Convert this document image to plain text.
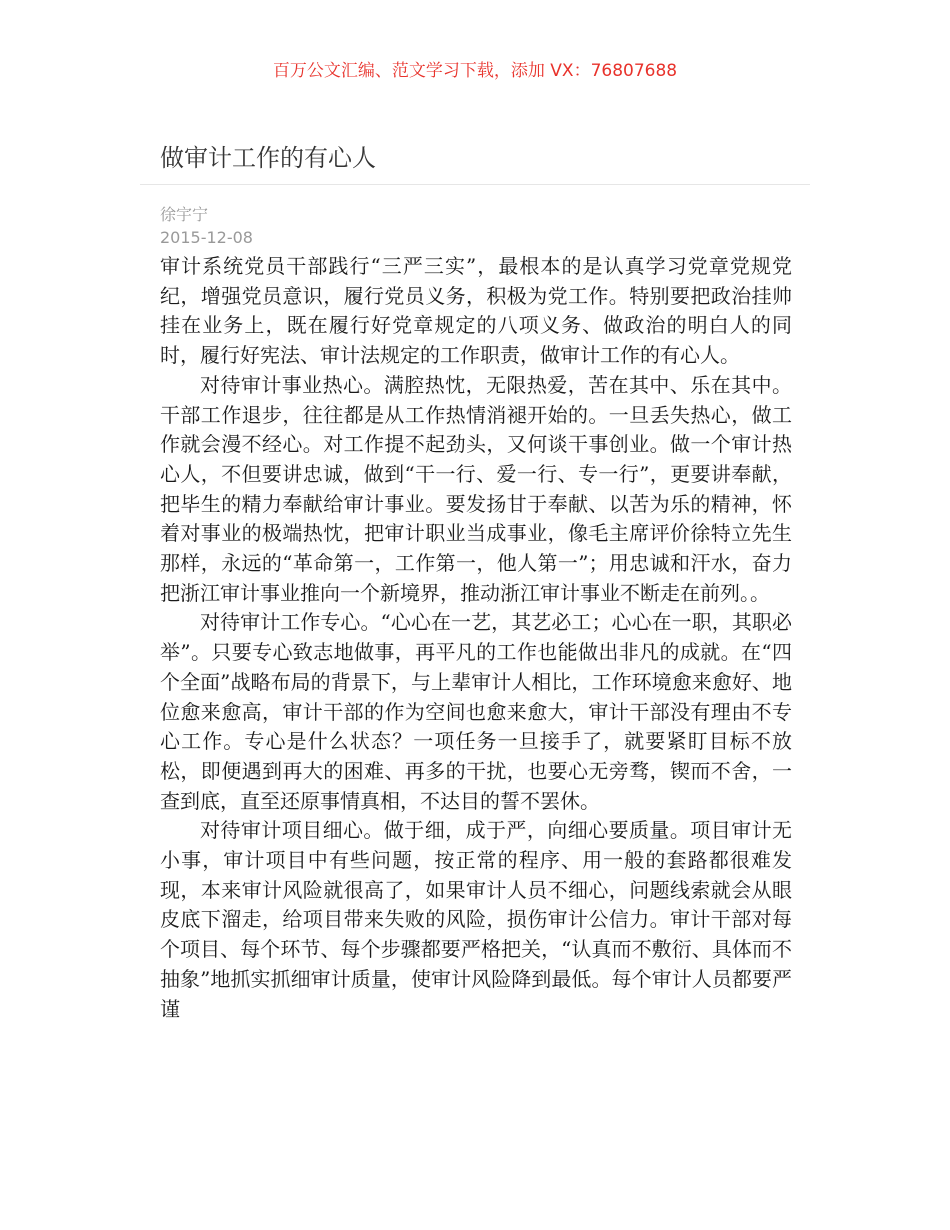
百万公文汇编、范文学习下载，添加 VX：76807688
做审计工作的有心人
徐宇宁
2015-12-08

审计系统党员干部践行“三严三实”，最根本的是认真学习党章党规党纪，增强党员意识，履行党员义务，积极为党工作。特别要把政治挂帅挂在业务上，既在履行好党章规定的八项义务、做政治的明白人的同时，履行好宪法、审计法规定的工作职责，做审计工作的有心人。

对待审计事业热心。满腔热忱，无限热爱，苦在其中、乐在其中。干部工作退步，往往都是从工作热情消褪开始的。一旦丢失热心，做工作就会漫不经心。对工作提不起劲头，又何谈干事创业。做一个审计热心人，不但要讲忠诚，做到“干一行、爱一行、专一行”，更要讲奉献，把毕生的精力奉献给审计事业。要发扬甘于奉献、以苦为乐的精神，怀着对事业的极端热忱，把审计职业当成事业，像毛主席评价徐特立先生那样，永远的“革命第一，工作第一，他人第一”；用忠诚和汗水，奋力把浙江审计事业推向一个新境界，推动浙江审计事业不断走在前列。。

对待审计工作专心。“心心在一艺，其艺必工；心心在一职，其职必举”。只要专心致志地做事，再平凡的工作也能做出非凡的成就。在“四个全面”战略布局的背景下，与上辈审计人相比，工作环境愈来愈好、地位愈来愈高，审计干部的作为空间也愈来愈大，审计干部没有理由不专心工作。专心是什么状态？一项任务一旦接手了，就要紧盯目标不放松，即便遇到再大的困难、再多的干扰，也要心无旁骛，锲而不舍，一查到底，直至还原事情真相，不达目的誓不罢休。

对待审计项目细心。做于细，成于严，向细心要质量。项目审计无小事，审计项目中有些问题，按正常的程序、用一般的套路都很难发现，本来审计风险就很高了，如果审计人员不细心，问题线索就会从眼皮底下溜走，给项目带来失败的风险，损伤审计公信力。审计干部对每个项目、每个环节、每个步骤都要严格把关，“认真而不敷衍、具体而不抽象”地抓实抓细审计质量，使审计风险降到最低。每个审计人员都要严谨
